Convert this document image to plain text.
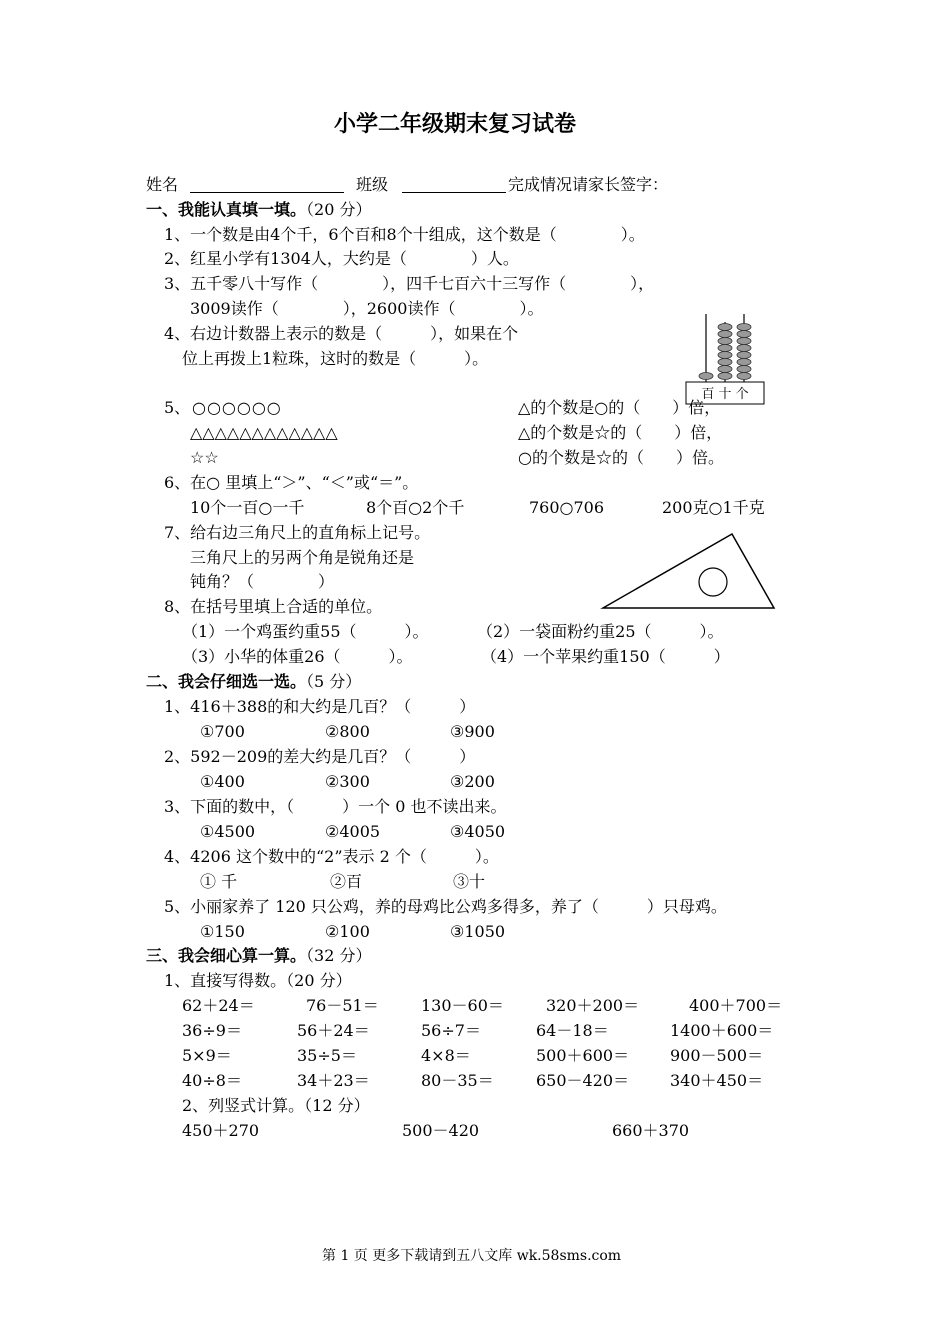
小学二年级期末复习试卷
姓名	班级	完成情况请家长签字：
一、我能认真填一填。（20 分）
1、一个数是由4个千，6个百和8个十组成，这个数是（　　　　）。
2、红星小学有1304人，大约是（　　　　）人。
3、五千零八十写作（　　　　），四千七百六十三写作（　　　　），
3009读作（　　　　），2600读作（　　　　）。
4、右边计数器上表示的数是（　　　），如果在个
位上再拨上1粒珠，这时的数是（　　　）。
百 十 个
5、 ○○○○○○
△△△△△△△△△△△△
☆☆
△的个数是○的（　　）倍，
△的个数是☆的（　　）倍，
○的个数是☆的（　　）倍。
6、在○ 里填上“＞”、“＜”或“＝”。
10个一百○一千	8个百○2个千	760○706	200克○1千克
7、给右边三角尺上的直角标上记号。
三角尺上的另两个角是锐角还是
钝角？（　　　　）
8、在括号里填上合适的单位。
（1）一个鸡蛋约重55（　　　）。	（2）一袋面粉约重25（　　　）。
（3）小华的体重26（　　　）。	（4）一个苹果约重150（　　　）
二、我会仔细选一选。（5 分）
1、416＋388的和大约是几百？（　　　）
①700	②800	③900
2、592－209的差大约是几百？（　　　）
①400	②300	③200
3、下面的数中，（　　　）一个 0 也不读出来。
①4500	②4005	③4050
4、4206 这个数中的“2”表示 2 个（　　　）。
① 千	②百	③十
5、小丽家养了 120 只公鸡，养的母鸡比公鸡多得多，养了（　　　）只母鸡。
①150	②100	③1050
三、我会细心算一算。（32 分）
1、直接写得数。（20 分）
62＋24＝	76－51＝	130－60＝	320＋200＝	400＋700＝
36÷9＝	56＋24＝	56÷7＝	64－18＝	1400＋600＝
5×9＝	35÷5＝	4×8＝	500＋600＝	900－500＝
40÷8＝	34＋23＝	80－35＝	650－420＝	340＋450＝
2、列竖式计算。（12 分）
450＋270	500－420	660＋370
第 1 页 更多下载请到五八文库 wk.58sms.com
